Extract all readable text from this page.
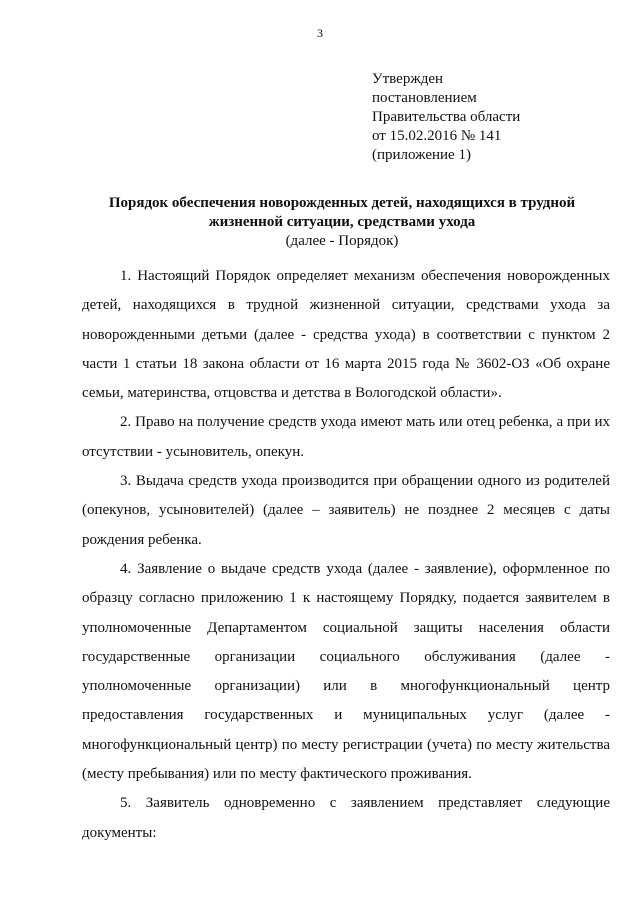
3
Утвержден
постановлением
Правительства области
от 15.02.2016 № 141
(приложение 1)
Порядок обеспечения новорожденных детей, находящихся в трудной
жизненной ситуации, средствами ухода
(далее - Порядок)

1. Настоящий Порядок определяет механизм обеспечения новорожденных детей, находящихся в трудной жизненной ситуации, средствами ухода за новорожденными детьми (далее - средства ухода) в соответствии с пунктом 2 части 1 статьи 18 закона области от 16 марта 2015 года № 3602-ОЗ «Об охране семьи, материнства, отцовства и детства в Вологодской области».

2. Право на получение средств ухода имеют мать или отец ребенка, а при их отсутствии - усыновитель, опекун.

3. Выдача средств ухода производится при обращении одного из родителей (опекунов, усыновителей) (далее – заявитель) не позднее 2 месяцев с даты рождения ребенка.

4. Заявление о выдаче средств ухода (далее - заявление), оформленное по образцу согласно приложению 1 к настоящему Порядку, подается заявителем в уполномоченные Департаментом социальной защиты населения области государственные организации социального обслуживания (далее - уполномоченные организации) или в многофункциональный центр предоставления государственных и муниципальных услуг (далее - многофункциональный центр) по месту регистрации (учета) по месту жительства (месту пребывания) или по месту фактического проживания.

5. Заявитель одновременно с заявлением представляет следующие документы:
